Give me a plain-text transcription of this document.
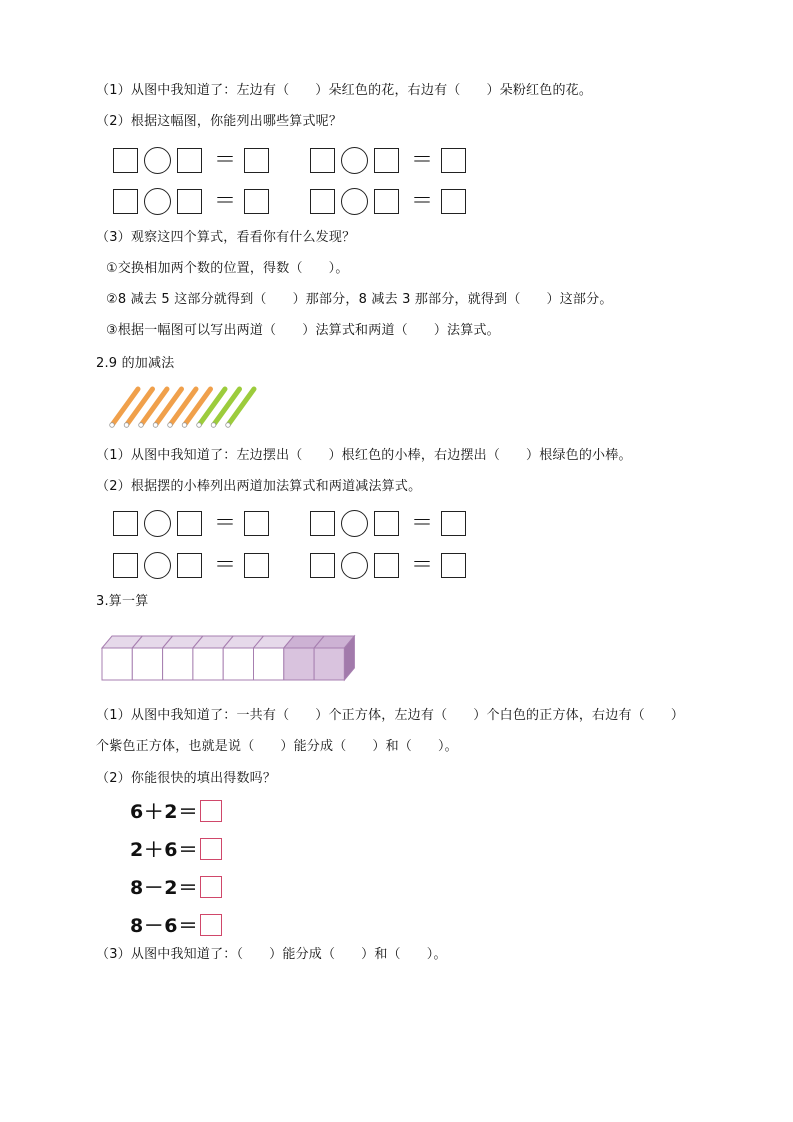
（1）从图中我知道了：左边有（      ）朵红色的花，右边有（      ）朵粉红色的花。
（2）根据这幅图，你能列出哪些算式呢？
＝	＝
＝	＝
（3）观察这四个算式，看看你有什么发现？
①交换相加两个数的位置，得数（      ）。
②8 减去 5 这部分就得到（      ）那部分，8 减去 3 那部分，就得到（      ）这部分。
③根据一幅图可以写出两道（      ）法算式和两道（      ）法算式。
2.9 的加减法
（1）从图中我知道了：左边摆出（      ）根红色的小棒，右边摆出（      ）根绿色的小棒。
（2）根据摆的小棒列出两道加法算式和两道减法算式。
＝	＝
＝	＝
3.算一算
（1）从图中我知道了：一共有（      ）个正方体，左边有（      ）个白色的正方体，右边有（      ）
个紫色正方体，也就是说（      ）能分成（      ）和（      ）。
（2）你能很快的填出得数吗？
6＋2＝
2＋6＝
8－2＝
8－6＝
（3）从图中我知道了：（      ）能分成（      ）和（      ）。
